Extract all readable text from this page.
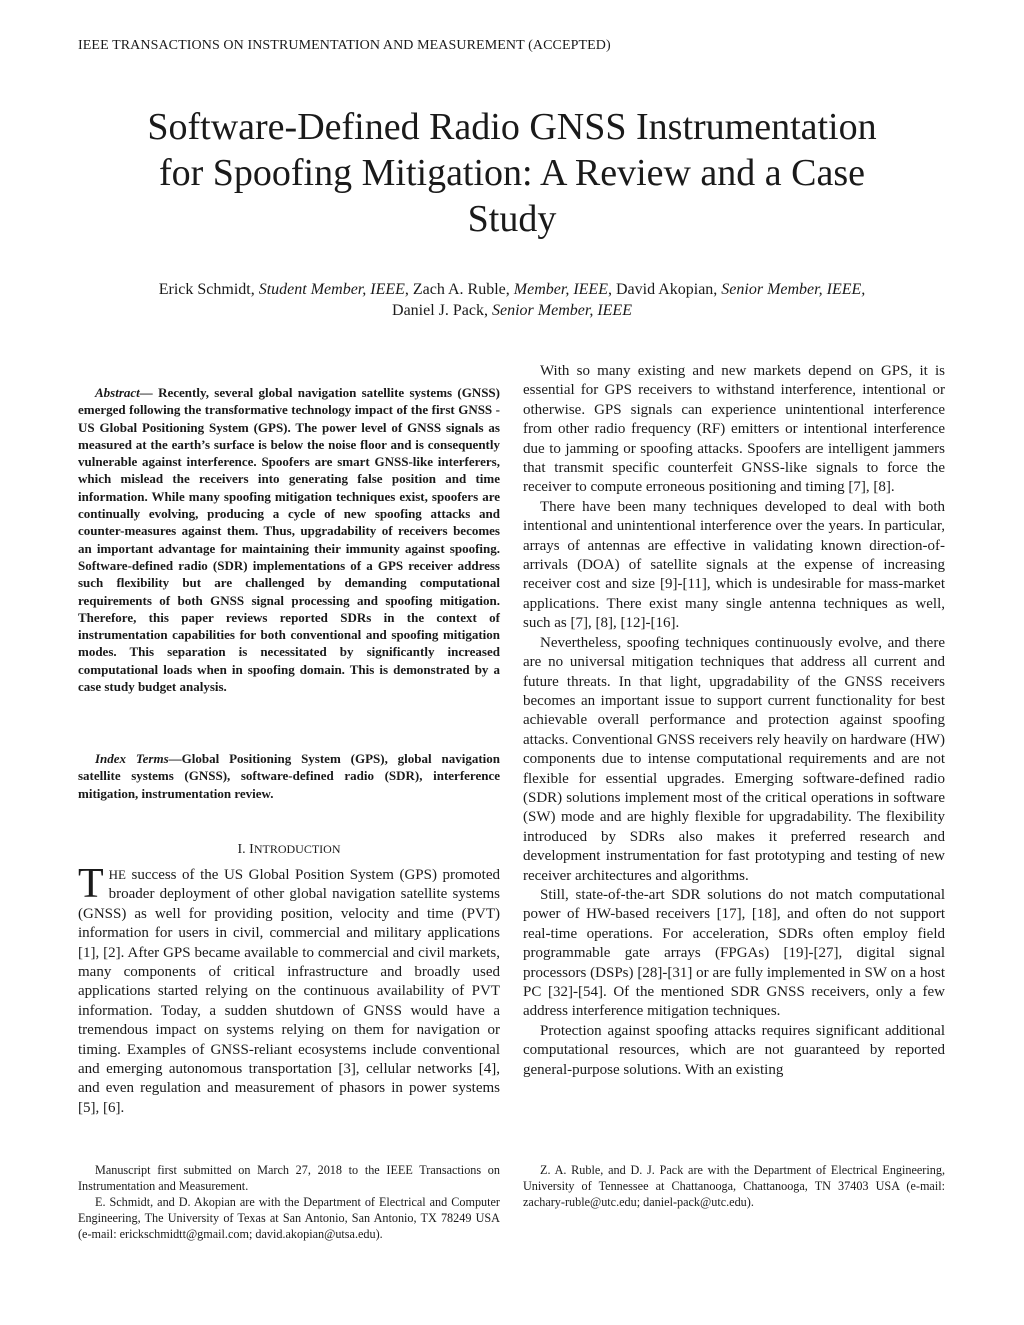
IEEE TRANSACTIONS ON INSTRUMENTATION AND MEASUREMENT (ACCEPTED)
Software-Defined Radio GNSS Instrumentation
for Spoofing Mitigation: A Review and a Case
Study
Erick Schmidt, Student Member, IEEE, Zach A. Ruble, Member, IEEE, David Akopian, Senior Member, IEEE,
Daniel J. Pack, Senior Member, IEEE
Abstract— Recently, several global navigation satellite systems (GNSS) emerged following the transformative technology impact of the first GNSS - US Global Positioning System (GPS). The power level of GNSS signals as measured at the earth’s surface is below the noise floor and is consequently vulnerable against interference. Spoofers are smart GNSS-like interferers, which mislead the receivers into generating false position and time information. While many spoofing mitigation techniques exist, spoofers are continually evolving, producing a cycle of new spoofing attacks and counter-measures against them. Thus, upgradability of receivers becomes an important advantage for maintaining their immunity against spoofing. Software-defined radio (SDR) implementations of a GPS receiver address such flexibility but are challenged by demanding computational requirements of both GNSS signal processing and spoofing mitigation. Therefore, this paper reviews reported SDRs in the context of instrumentation capabilities for both conventional and spoofing mitigation modes. This separation is necessitated by significantly increased computational loads when in spoofing domain. This is demonstrated by a case study budget analysis.
Index Terms—Global Positioning System (GPS), global navigation satellite systems (GNSS), software-defined radio (SDR), interference mitigation, instrumentation review.
I. INTRODUCTION
THE success of the US Global Position System (GPS) promoted broader deployment of other global navigation satellite systems (GNSS) as well for providing position, velocity and time (PVT) information for users in civil, commercial and military applications [1], [2]. After GPS became available to commercial and civil markets, many components of critical infrastructure and broadly used applications started relying on the continuous availability of PVT information. Today, a sudden shutdown of GNSS would have a tremendous impact on systems relying on them for navigation or timing. Examples of GNSS-reliant ecosystems include conventional and emerging autonomous transportation [3], cellular networks [4], and even regulation and measurement of phasors in power systems [5], [6].

With so many existing and new markets depend on GPS, it is essential for GPS receivers to withstand interference, intentional or otherwise. GPS signals can experience unintentional interference from other radio frequency (RF) emitters or intentional interference due to jamming or spoofing attacks. Spoofers are intelligent jammers that transmit specific counterfeit GNSS-like signals to force the receiver to compute erroneous positioning and timing [7], [8].

There have been many techniques developed to deal with both intentional and unintentional interference over the years. In particular, arrays of antennas are effective in validating known direction-of-arrivals (DOA) of satellite signals at the expense of increasing receiver cost and size [9]-[11], which is undesirable for mass-market applications. There exist many single antenna techniques as well, such as [7], [8], [12]-[16].

Nevertheless, spoofing techniques continuously evolve, and there are no universal mitigation techniques that address all current and future threats. In that light, upgradability of the GNSS receivers becomes an important issue to support current functionality for best achievable overall performance and protection against spoofing attacks. Conventional GNSS receivers rely heavily on hardware (HW) components due to intense computational requirements and are not flexible for essential upgrades. Emerging software-defined radio (SDR) solutions implement most of the critical operations in software (SW) mode and are highly flexible for upgradability. The flexibility introduced by SDRs also makes it preferred research and development instrumentation for fast prototyping and testing of new receiver architectures and algorithms.

Still, state-of-the-art SDR solutions do not match computational power of HW-based receivers [17], [18], and often do not support real-time operations. For acceleration, SDRs often employ field programmable gate arrays (FPGAs) [19]-[27], digital signal processors (DSPs) [28]-[31] or are fully implemented in SW on a host PC [32]-[54]. Of the mentioned SDR GNSS receivers, only a few address interference mitigation techniques.

Protection against spoofing attacks requires significant additional computational resources, which are not guaranteed by reported general-purpose solutions. With an existing

Manuscript first submitted on March 27, 2018 to the IEEE Transactions on Instrumentation and Measurement.

E. Schmidt, and D. Akopian are with the Department of Electrical and Computer Engineering, The University of Texas at San Antonio, San Antonio, TX 78249 USA (e-mail: erickschmidtt@gmail.com; david.akopian@utsa.edu).

Z. A. Ruble, and D. J. Pack are with the Department of Electrical Engineering, University of Tennessee at Chattanooga, Chattanooga, TN 37403 USA (e-mail: zachary-ruble@utc.edu; daniel-pack@utc.edu).
